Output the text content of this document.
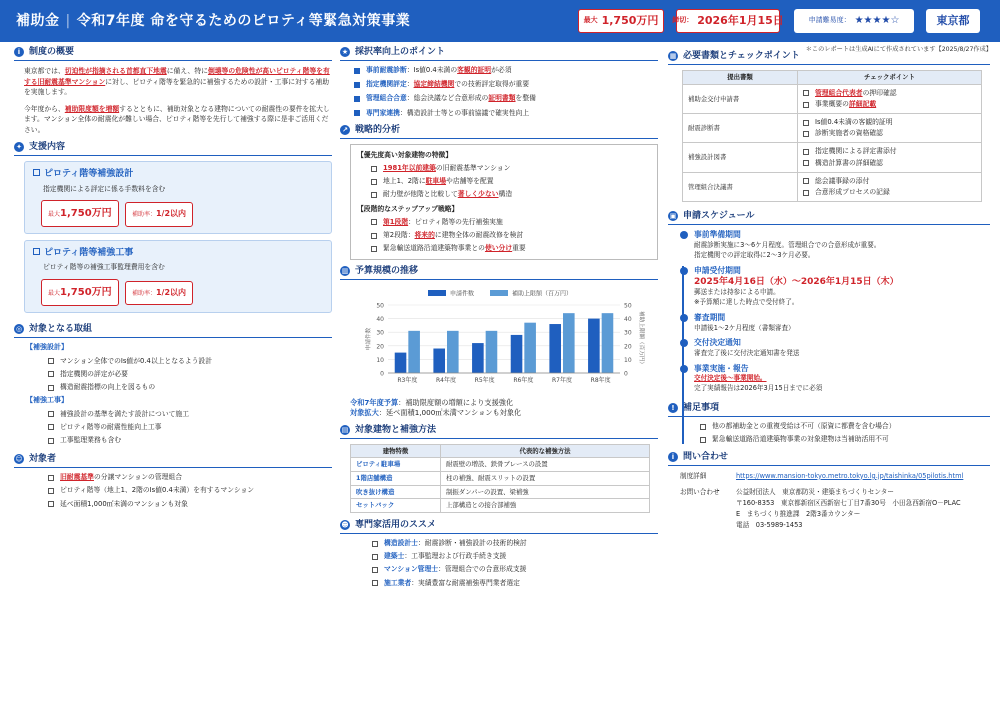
補助金 | 令和7年度 命を守るためのピロティ等緊急対策事業	最大 1,750万円 締切： 2026年1月15日	申請難易度： ★★★★☆	東京都
＊このレポートは生成AIにて作成されています【2025/8/27作成】
i 制度の概要

東京都では、切迫性が指摘される首都直下地震に備え、特に倒壊等の危険性が高いピロティ階等を有する旧耐震基準マンションに対し、ピロティ階等を緊急的に補強するための設計・工事に対する補助を実施します。

今年度から、補助限度額を増額するとともに、補助対象となる建物についての耐震性の要件を拡大します。マンション全体の耐震化が難しい場合、ピロティ階等を先行して補強する際に是非ご活用ください。

✦ 支援内容
ピロティ階等補強設計
指定機関による評定に係る手数料を含む
最大1,750万円	補助率：1/2以内
ピロティ階等補強工事
ピロティ階等の補強工事監理費用を含む
最大1,750万円	補助率：1/2以内
◎ 対象となる取組
【補強設計】
マンション全体でのIs値が0.4以上となるよう設計
指定機関の評定が必要
構造耐震指標の向上を図るもの
【補強工事】
補強設計の基準を満たす設計について施工
ピロティ階等の耐震性能向上工事
工事監理業務も含む
☺ 対象者
旧耐震基準 の分譲マンションの管理組合
ピロティ階等（地上1、2階のIs値0.4未満）を有するマンション
延べ面積1,000㎡未満のマンションも対象
★ 採択率向上のポイント
事前耐震診断 ：Is値0.4未満の 客観的証明 が必須
指定機関評定 ： 協定締結機関 での技術評定取得が重要
管理組合合意 ：総会決議など合意形成の 証明書類 を整備
専門家連携 ：構造設計士等との事前協議で確実性向上
↗ 戦略的分析
【優先度高い対象建物の特徴】
1981年以前建築 の旧耐震基準マンション
地上1、2階に 駐車場 や店舗等を配置
耐力壁が他階と比較して 著しく少ない 構造
【段階的なステップアップ戦略】
第1段階 ：ピロティ階等の先行補強実施
第2段階： 将来的 に建物全体の耐震改修を検討
緊急輸送道路沿道建築物事業との 使い分け 重要
▥ 予算規模の推移
0
10
20
30
40
50
0
10
20
30
40
50
申請件数	補助上限額（百万円）
R3年度	R4年度	R5年度	R6年度	R7年度	R8年度
申請件数	補助上限額（百万円）
令和7年度予算：補助限度額の増額により支援強化
対象拡大：延べ面積1,000㎡未満マンションも対象化
▤ 対象建物と補強方法
建物特徴	代表的な補強方法
ピロティ駐車場	耐震壁の増設、鉄骨ブレースの設置
1階店舗構造	柱の補強、耐震スリットの設置
吹き抜け構造	制振ダンパーの設置、梁補強
セットバック	上部構造との接合部補強
☻ 専門家活用のススメ
構造設計士 ：耐震診断・補強設計の技術的検討
建築士 ：工事監理および行政手続き支援
マンション管理士 ：管理組合での合意形成支援
施工業者 ：実績豊富な耐震補強専門業者選定
▦ 必要書類とチェックポイント
提出書類	チェックポイント
補助金交付申請書	管理組合代表者 の押印確認
事業概要の 詳細記載

耐震診断書	Is値0.4未満の客観的証明
診断実施者の資格確認

補強設計図書	指定機関による評定書添付
構造計算書の詳細確認

管理組合決議書	総会議事録の添付
合意形成プロセスの記録
▣ 申請スケジュール
事前準備期間
耐震診断実施に3〜6ケ月程度。管理組合での合意形成が重要。
指定機関での評定取得に2〜3ケ月必要。
申請受付期間
2025年4月16日（水）〜2026年1月15日（木）
郵送または持参による申請。
※予算額に達した時点で受付終了。
審査期間
申請後1〜2ケ月程度（書類審査）
交付決定通知
審査完了後に交付決定通知書を発送
事業実施・報告
交付決定後〜事業開始。
完了実績報告は2026年3月15日までに必須
! 補足事項
他の都補助金との重複受給は不可（原資に都費を含む場合）
緊急輸送道路沿道建築物事業の対象建物は当補助活用不可
i 問い合わせ
制度詳細	https://www.mansion-tokyo.metro.tokyo.lg.jp/taishinka/05pilotis.html
お問い合わせ	公益財団法人　東京都防災・建築まちづくりセンター
〒160-8353　東京都新宿区西新宿七丁目7番30号　小田急西新宿O－PLAC
E　まちづくり推進課　2階3番カウンター
電話　03-5989-1453
